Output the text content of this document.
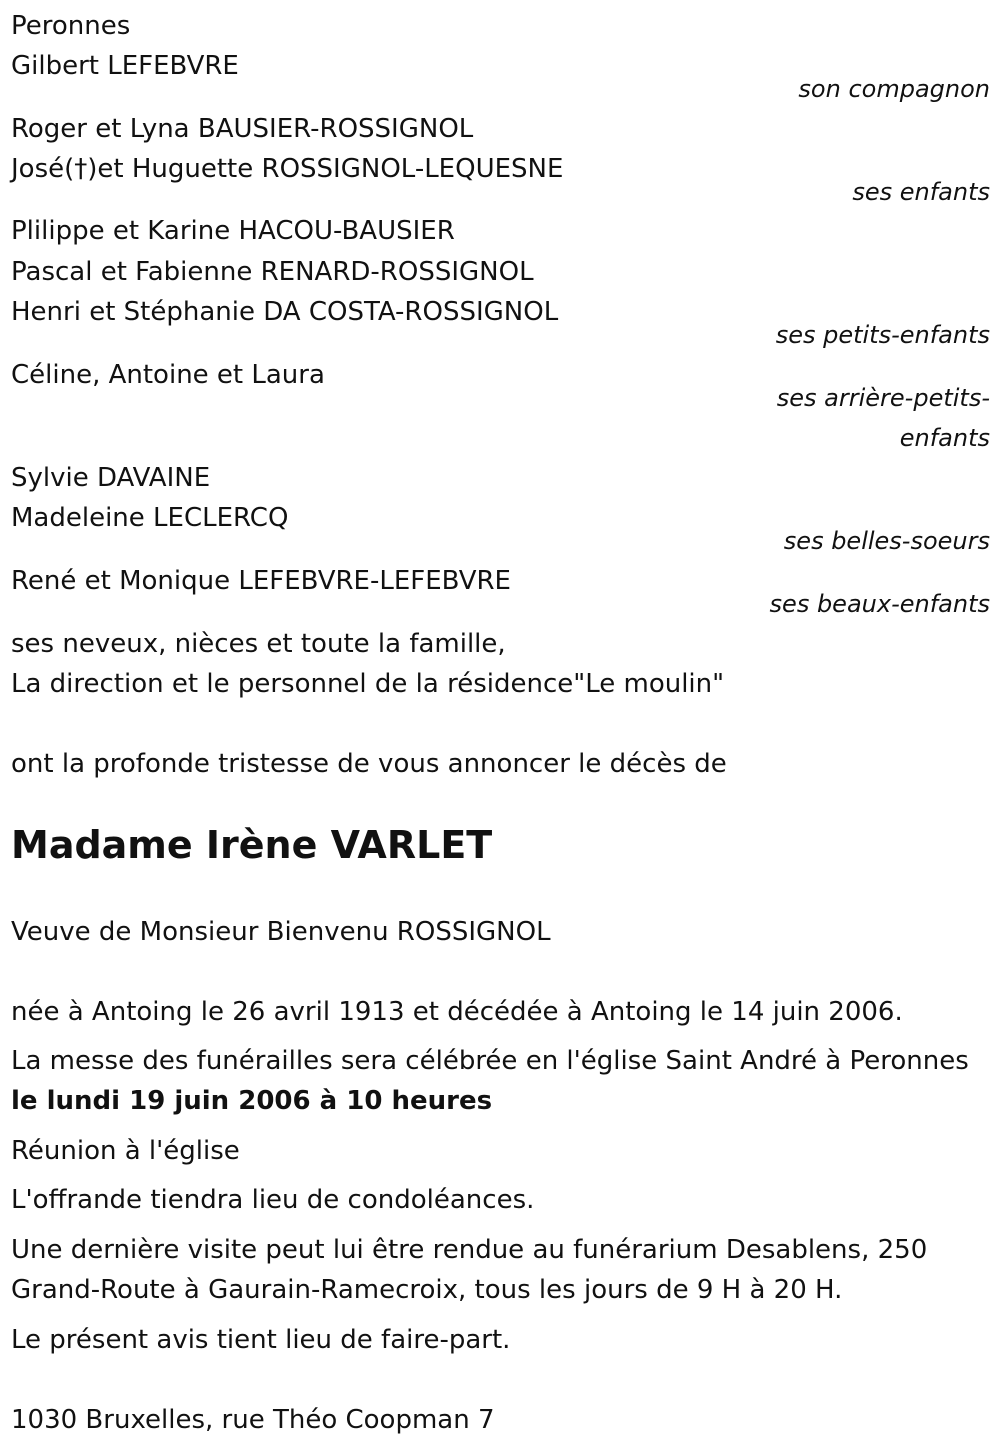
Peronnes
Gilbert LEFEBVRE
son compagnon
Roger et Lyna BAUSIER-ROSSIGNOL
José(†)et Huguette ROSSIGNOL-LEQUESNE
ses enfants
Plilippe et Karine HACOU-BAUSIER
Pascal et Fabienne RENARD-ROSSIGNOL
Henri et Stéphanie DA COSTA-ROSSIGNOL
ses petits-enfants
Céline, Antoine et Laura
ses arrière-petits-
enfants
Sylvie DAVAINE
Madeleine LECLERCQ
ses belles-soeurs
René et Monique LEFEBVRE-LEFEBVRE
ses beaux-enfants
ses neveux, nièces et toute la famille,
La direction et le personnel de la résidence"Le moulin"
ont la profonde tristesse de vous annoncer le décès de
Madame Irène VARLET
Veuve de Monsieur Bienvenu ROSSIGNOL
née à Antoing le 26 avril 1913 et décédée à Antoing le 14 juin 2006.
La messe des funérailles sera célébrée en l'église Saint André à Peronnes
le lundi 19 juin 2006 à 10 heures
Réunion à l'église
L'offrande tiendra lieu de condoléances.
Une dernière visite peut lui être rendue au funérarium Desablens, 250
Grand-Route à Gaurain-Ramecroix, tous les jours de 9 H à 20 H.
Le présent avis tient lieu de faire-part.
1030 Bruxelles, rue Théo Coopman 7
